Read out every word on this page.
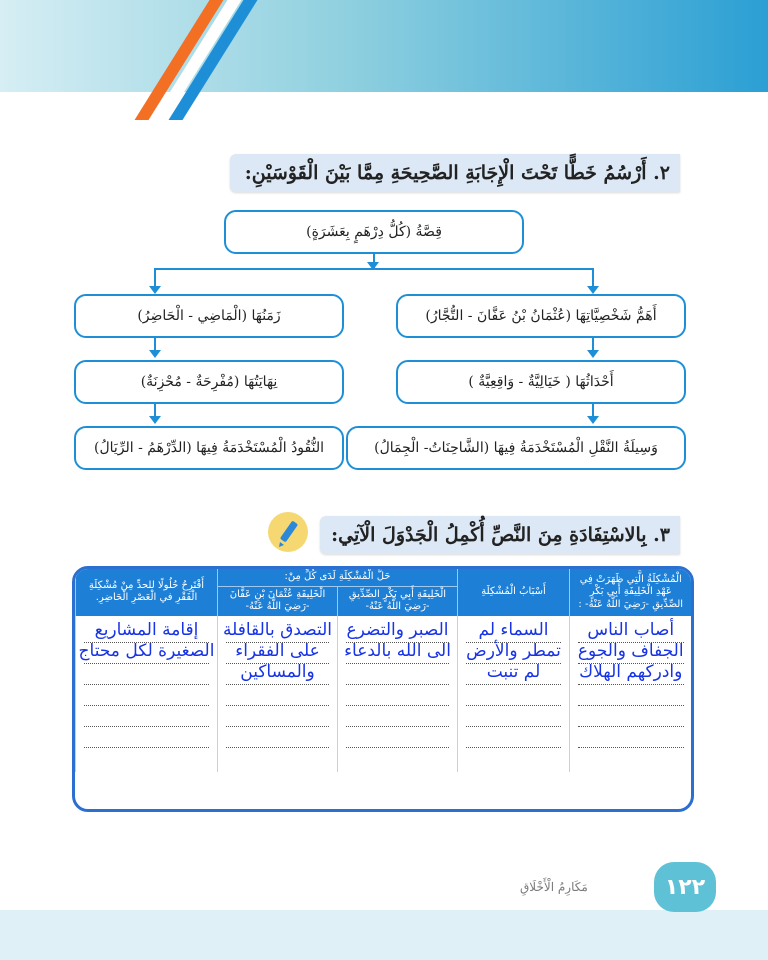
٢. أَرْسُمُ خَطًّا تَحْتَ الْإِجَابَةِ الصَّحِيحَةِ مِمَّا بَيْنَ الْقَوْسَيْنِ:
قِصَّةُ (كُلُّ دِرْهَمٍ بِعَشَرَةٍ)
أَهَمُّ شَخْصِيَّاتِهَا (عُثْمَانُ بْنُ عَفَّانَ - التُّجَّارُ)
زَمَنُهَا (الْمَاضِي - الْحَاضِرُ)
أَحْدَاثُهَا ( خَيَالِيَّةٌ - وَاقِعِيَّةٌ )
نِهَايَتُهَا (مُفْرِحَةٌ - مُحْزِنَةٌ)
وَسِيلَةُ النَّقْلِ الْمُسْتَخْدَمَةُ فِيهَا (الشَّاحِنَاتُ- الْجِمَالُ)
النُّقُودُ الْمُسْتَخْدَمَةُ فِيهَا (الدِّرْهَمُ - الرِّيَالُ)
٣. بِالاسْتِفَادَةِ مِنَ النَّصِّ أُكْمِلُ الْجَدْوَلَ الْآتِي:
الْمُشْكِلَةُ الَّتِي ظَهَرَتْ فِي عَهْدِ الْخَلِيفَةِ أَبِي بَكْرٍ الصِّدِّيقِ -رَضِيَ اللَّهُ عَنْهُ- :	أَسْبَابُ الْمُشْكِلَةِ	حَلُّ الْمُشْكِلَةِ لَدَى كُلٍّ مِنْ:		أَقْتَرِحُ حُلُولًا للحدِّ مِنْ مُشْكِلَةِ الْفَقْرِ في الْعَصْرِ الْحَاضِرِ.
		الْخَلِيفَةِ أَبِي بَكْرٍ الصِّدِّيقِ -رَضِيَ اللَّهُ عَنْهُ-	الْخَلِيفَةِ عُثْمَانَ بْنِ عَفَّانَ -رَضِيَ اللَّهُ عَنْهُ-	

أصاب الناس الجفاف والجوع وادركهم الهلاك	السماء لم تمطر والأرض لم تنبت	الصبر والتضرع الى الله بالدعاء	التصدق بالقافلة على الفقراء والمساكين	إقامة المشاريع الصغيرة لكل محتاج
مَكَارِمُ الْأَخْلَاقِ	١٢٢
